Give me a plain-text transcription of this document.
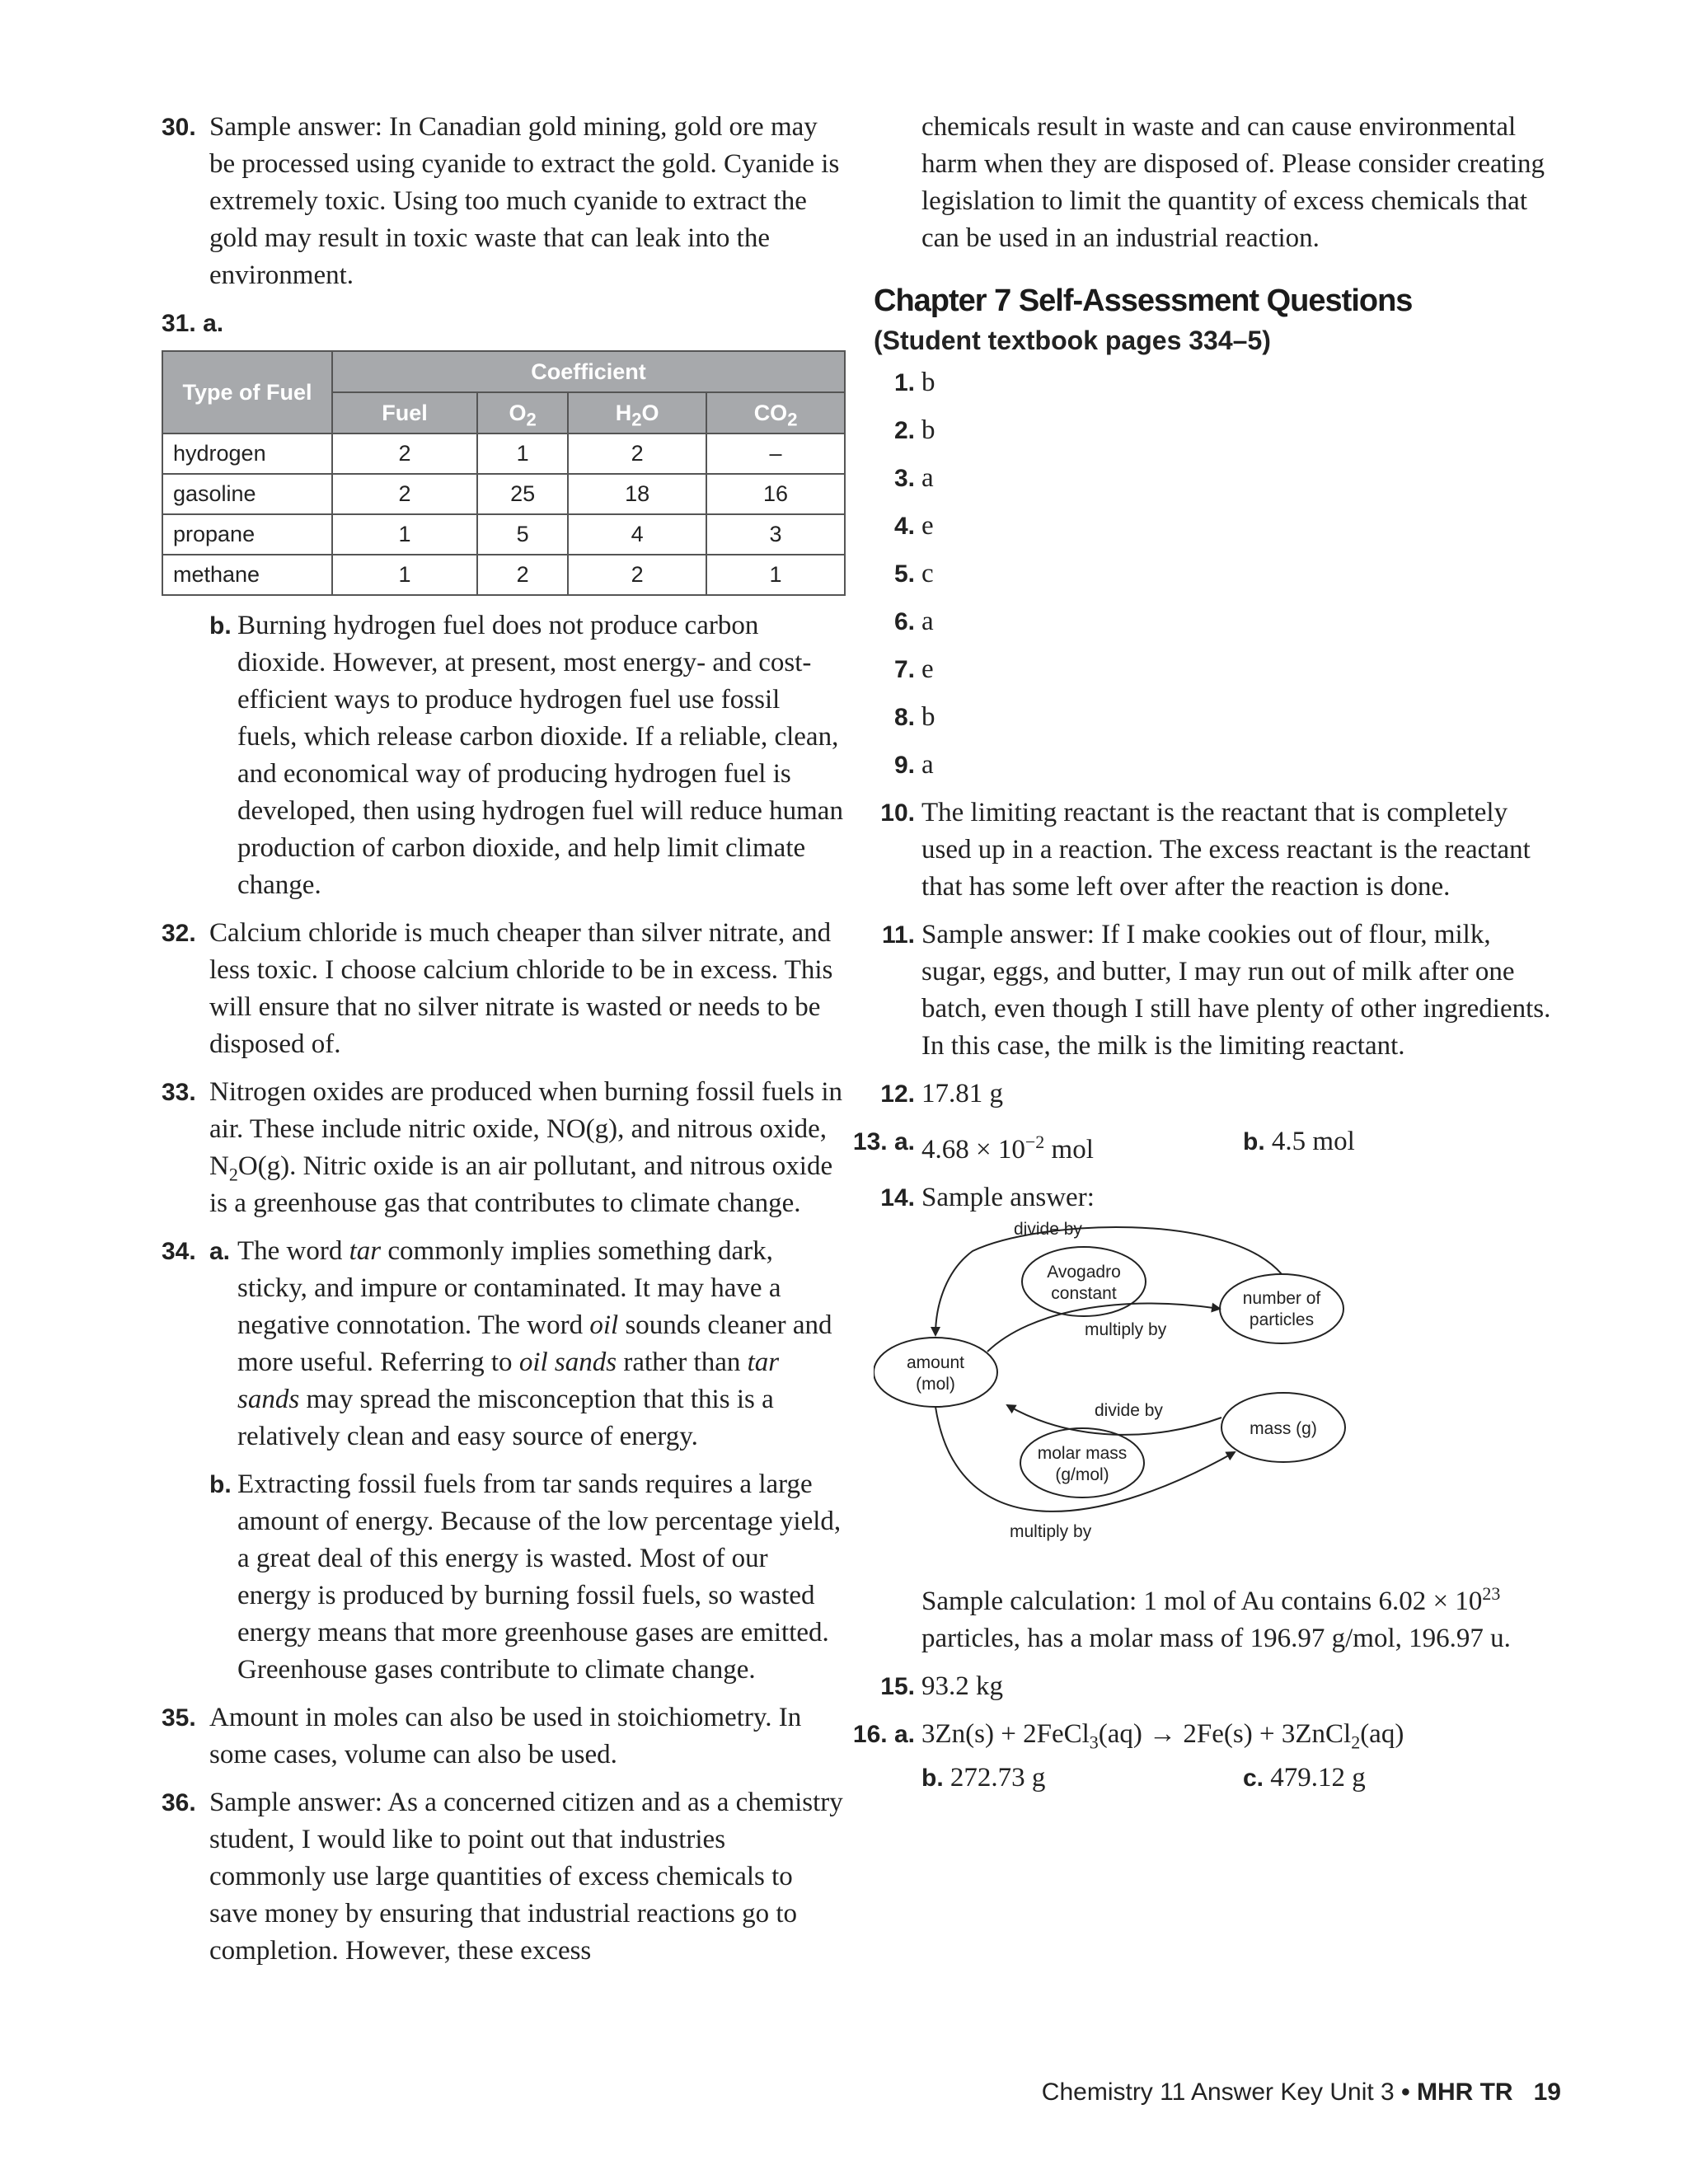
30. Sample answer: In Canadian gold mining, gold ore may be processed using cyanide to extract the gold. Cyanide is extremely toxic. Using too much cyanide to extract the gold may result in toxic waste that can leak into the environment.
31. a.
Type of Fuel	Coefficient			
	Fuel	$O_2$	$H_2O$	$CO_2$
hydrogen	2	1	2	–
gasoline	2	25	18	16
propane	1	5	4	3
methane	1	2	2	1
b. Burning hydrogen fuel does not produce carbon dioxide. However, at present, most energy- and cost-efficient ways to produce hydrogen fuel use fossil fuels, which release carbon dioxide. If a reliable, clean, and economical way of producing hydrogen fuel is developed, then using hydrogen fuel will reduce human production of carbon dioxide, and help limit climate change.
32. Calcium chloride is much cheaper than silver nitrate, and less toxic. I choose calcium chloride to be in excess. This will ensure that no silver nitrate is wasted or needs to be disposed of.
33. Nitrogen oxides are produced when burning fossil fuels in air. These include nitric oxide, NO(g), and nitrous oxide, $N_2O(g)$. Nitric oxide is an air pollutant, and nitrous oxide is a greenhouse gas that contributes to climate change.
34. a. The word tar commonly implies something dark, sticky, and impure or contaminated. It may have a negative connotation. The word oil sounds cleaner and more useful. Referring to oil sands rather than tar sands may spread the misconception that this is a relatively clean and easy source of energy.
b. Extracting fossil fuels from tar sands requires a large amount of energy. Because of the low percentage yield, a great deal of this energy is wasted. Most of our energy is produced by burning fossil fuels, so wasted energy means that more greenhouse gases are emitted. Greenhouse gases contribute to climate change.
35. Amount in moles can also be used in stoichiometry. In some cases, volume can also be used.
36. Sample answer: As a concerned citizen and as a chemistry student, I would like to point out that industries commonly use large quantities of excess chemicals to save money by ensuring that industrial reactions go to completion. However, these excess
chemicals result in waste and can cause environmental harm when they are disposed of. Please consider creating legislation to limit the quantity of excess chemicals that can be used in an industrial reaction.
Chapter 7 Self-Assessment Questions
(Student textbook pages 334–5)
1. b
2. b
3. a
4. e
5. c
6. a
7. e
8. b
9. a
10. The limiting reactant is the reactant that is completely used up in a reaction. The excess reactant is the reactant that has some left over after the reaction is done.
11. Sample answer: If I make cookies out of flour, milk, sugar, eggs, and butter, I may run out of milk after one batch, even though I still have plenty of other ingredients. In this case, the milk is the limiting reactant.
12. 17.81 g
13. a. $4.68 \times 10^{-2}$ mol	b. 4.5 mol
14. Sample answer:
divide by
Avogadro
constant	number of
particles
amount
(mol)
mass (g)
molar mass
(g/mol)
multiply by
divide by
multiply by
Sample calculation: 1 mol of Au contains $6.02 \times 10^{23}$
particles, has a molar mass of 196.97 g/mol, 196.97 u.
15. 93.2 kg
16. a. 3Zn(s) + 2FeCl$_3$(aq) → 2Fe(s) + 3ZnCl$_2$(aq)
b. 272.73 g	c. 479.12 g
Chemistry 11 Answer Key Unit 3 • MHR TR 19
